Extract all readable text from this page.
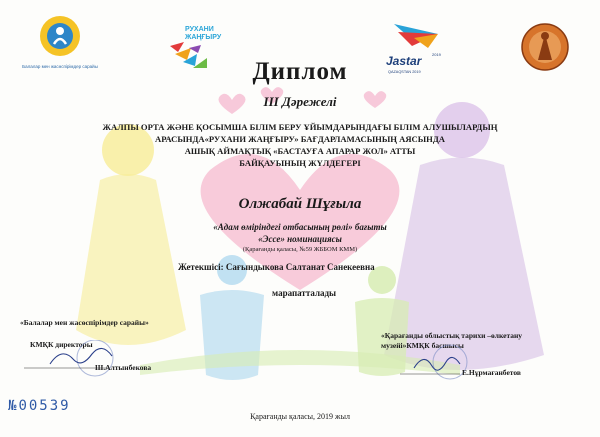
Балалар мен жасөспірімдер сарайы
РУХАНИ ЖАҢҒЫРУ
Jastar	2019
QAZAQSTAN 2019
Диплом
ІІІ Дәрежелі
ЖАЛПЫ ОРТА ЖӘНЕ ҚОСЫМША БІЛІМ БЕРУ ҰЙЫМДАРЫНДАҒЫ БІЛІМ АЛУШЫЛАРДЫҢ
АРАСЫНДА«РУХАНИ ЖАҢҒЫРУ» БАҒДАРЛАМАСЫНЫҢ АЯСЫНДА
АШЫҚ АЙМАҚТЫҚ «БАСТАУҒА АПАРАР ЖОЛ» АТТЫ
БАЙҚАУЫНЫҢ ЖҮЛДЕГЕРІ
Олжабай Шұғыла
«Адам өміріндегі отбасының рөлі» бағыты
«Эссе» номинациясы
(Қарағанды қаласы, №59 ЖББОМ КММ)
Жетекшісі: Сағындыкова Салтанат Санекеевна
марапатталады
«Балалар мен жасөспірімдер сарайы»
КМҚК директоры
Ш.Алтынбекова
«Қарағанды облыстық тарихи –өлкетану
музейі»КМҚК басшысы
Е.Нұрмағанбетов
№00539
Қарағанды қаласы, 2019 жыл
